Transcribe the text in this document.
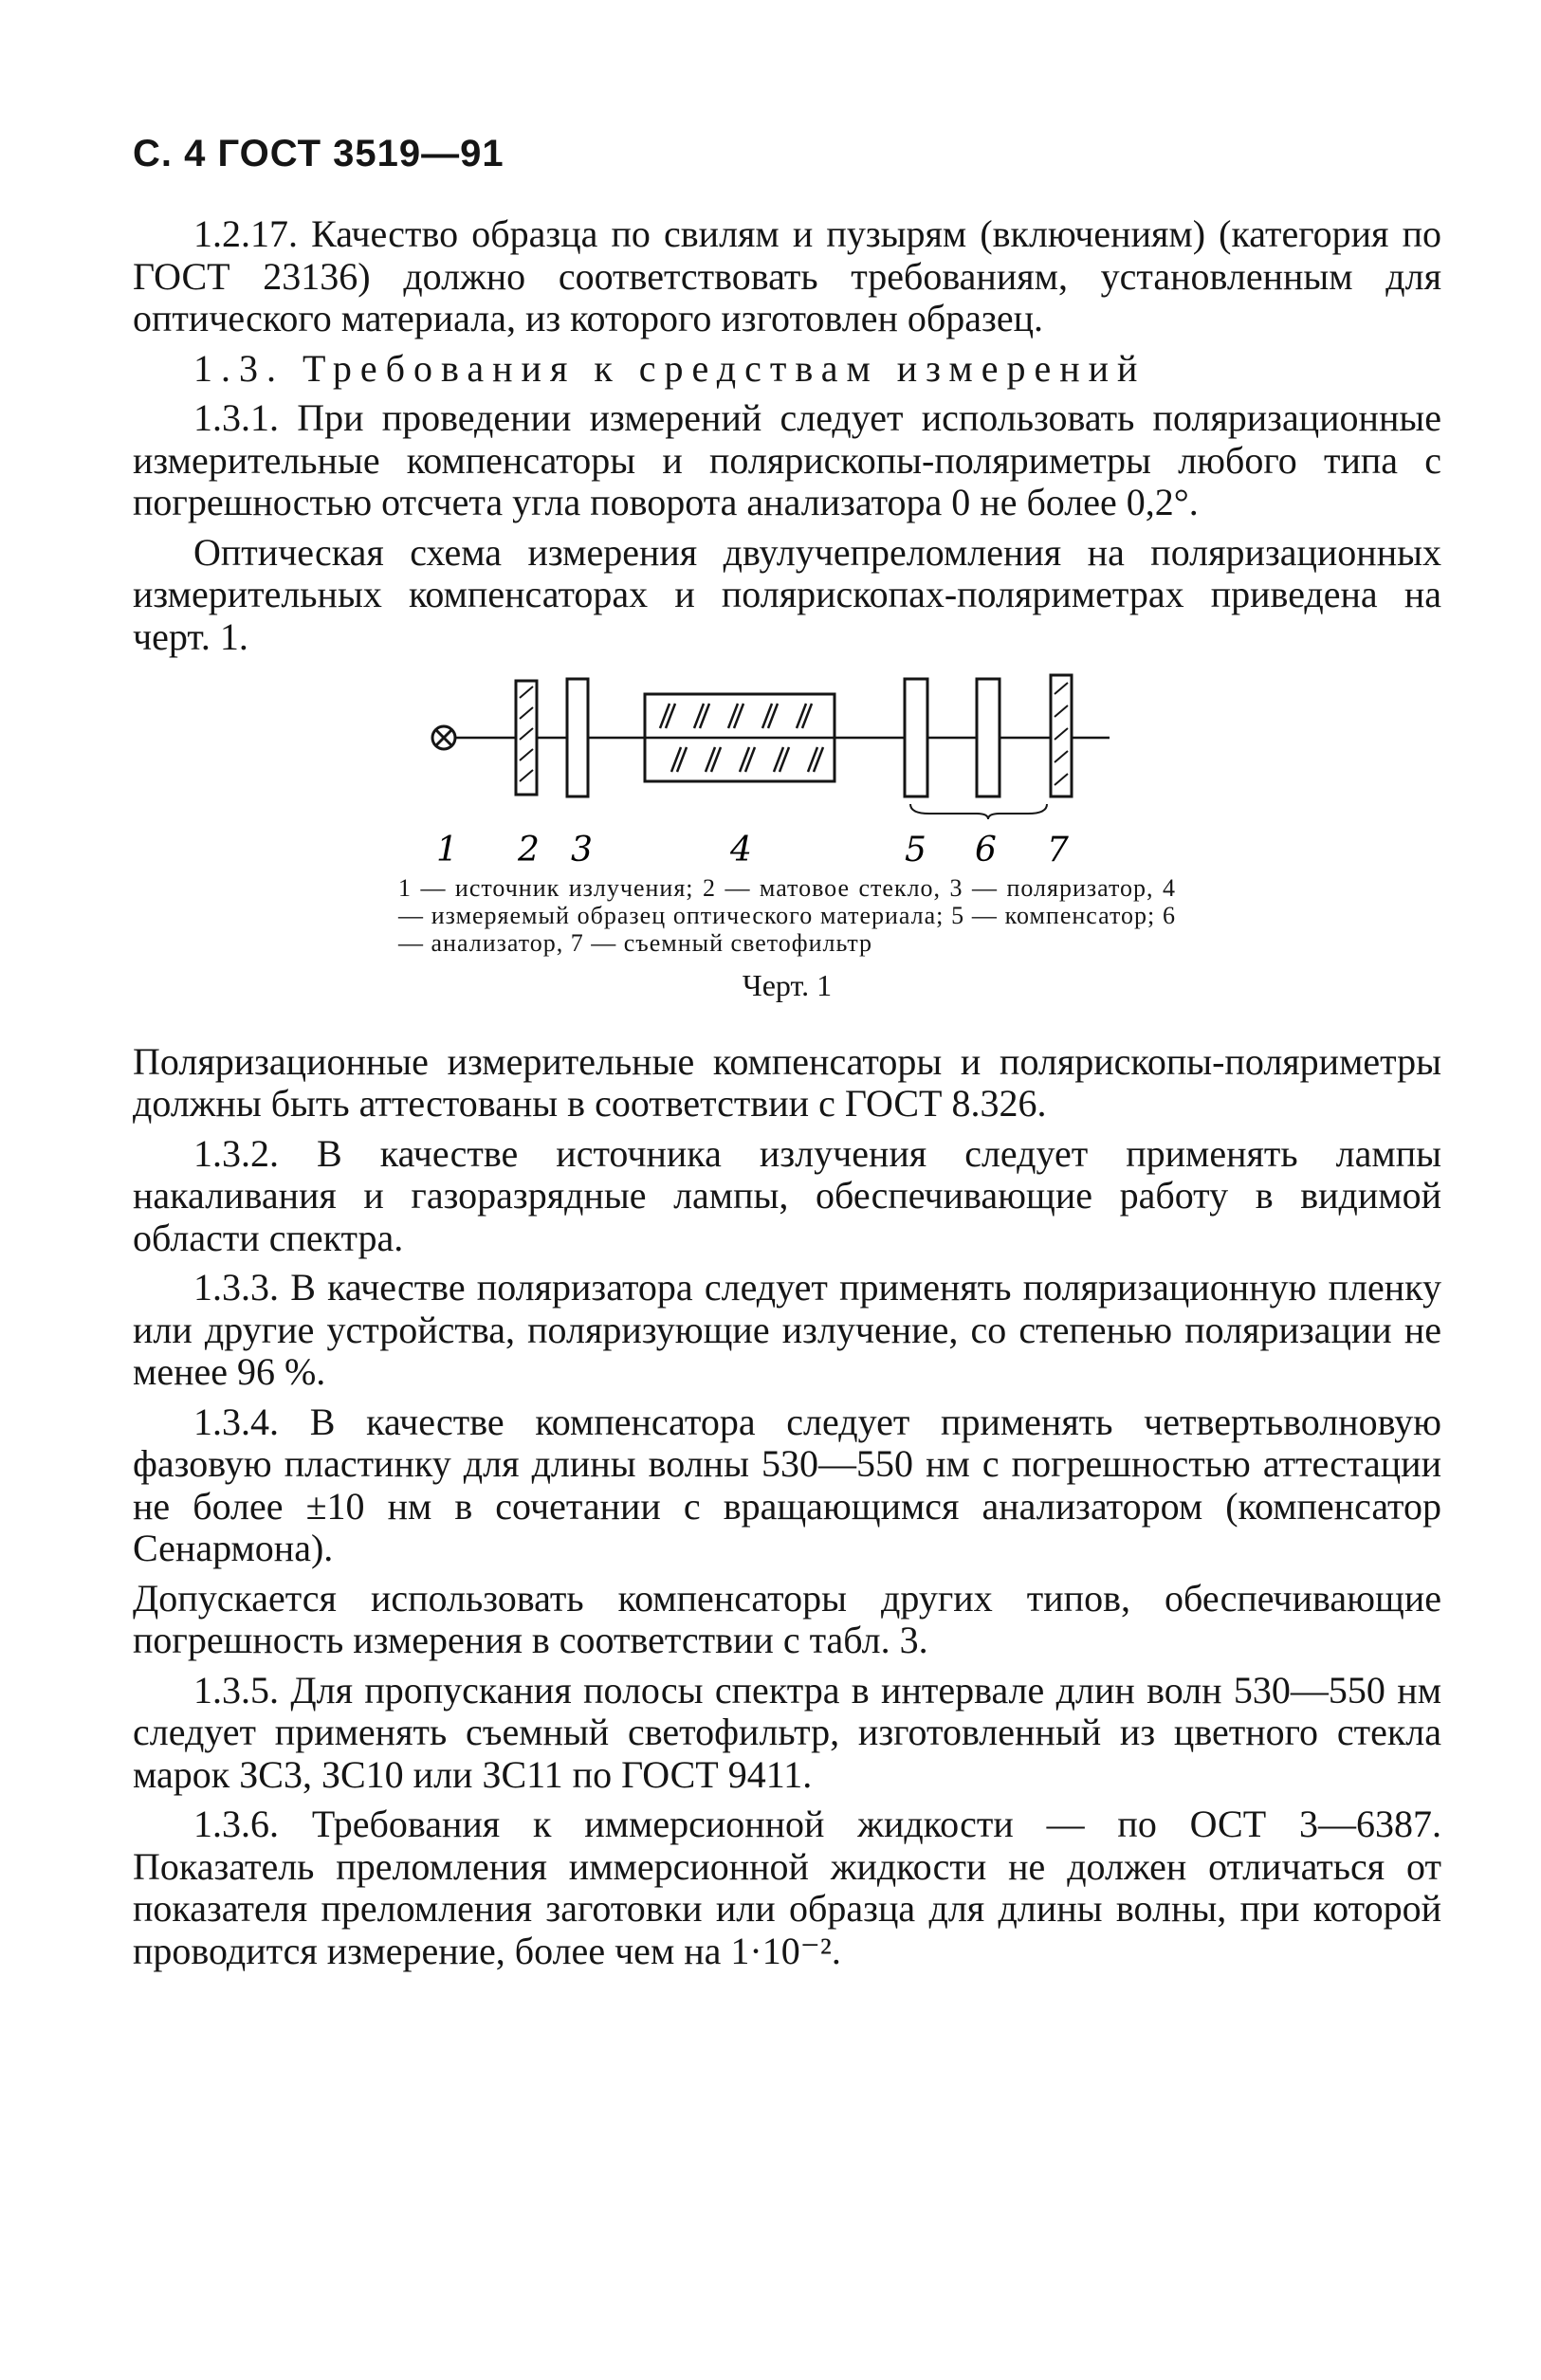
С. 4 ГОСТ 3519—91

1.2.17. Качество образца по свилям и пузырям (включениям) (категория по ГОСТ 23136) должно соответствовать требованиям, установленным для оптического материала, из которого изготовлен образец.

1.3. Требования к средствам измерений

1.3.1. При проведении измерений следует использовать поляризационные измерительные компенсаторы и полярископы-поляриметры любого типа с погрешностью отсчета угла поворота анализатора 0 не более 0,2°.

Оптическая схема измерения двулучепреломления на поляризационных измерительных компенсаторах и полярископах-поляриметрах приведена на черт. 1.

1 2 3	4	5 6 7
1 — источник излучения; 2 — матовое стекло, 3 — поляризатор, 4 — измеряемый образец оптического материала; 5 — компенсатор; 6 — анализатор, 7 — съемный светофильтр
Черт. 1

Поляризационные измерительные компенсаторы и полярископы-поляриметры должны быть аттестованы в соответствии с ГОСТ 8.326.

1.3.2. В качестве источника излучения следует применять лампы накаливания и газоразрядные лампы, обеспечивающие работу в видимой области спектра.

1.3.3. В качестве поляризатора следует применять поляризационную пленку или другие устройства, поляризующие излучение, со степенью поляризации не менее 96 %.

1.3.4. В качестве компенсатора следует применять четвертьволновую фазовую пластинку для длины волны 530—550 нм с погрешностью аттестации не более ±10 нм в сочетании с вращающимся анализатором (компенсатор Сенармона).

Допускается использовать компенсаторы других типов, обеспечивающие погрешность измерения в соответствии с табл. 3.

1.3.5. Для пропускания полосы спектра в интервале длин волн 530—550 нм следует применять съемный светофильтр, изготовленный из цветного стекла марок ЗС3, ЗС10 или ЗС11 по ГОСТ 9411.

1.3.6. Требования к иммерсионной жидкости — по ОСТ 3—6387. Показатель преломления иммерсионной жидкости не должен отличаться от показателя преломления заготовки или образца для длины волны, при которой проводится измерение, более чем на 1·10⁻².
